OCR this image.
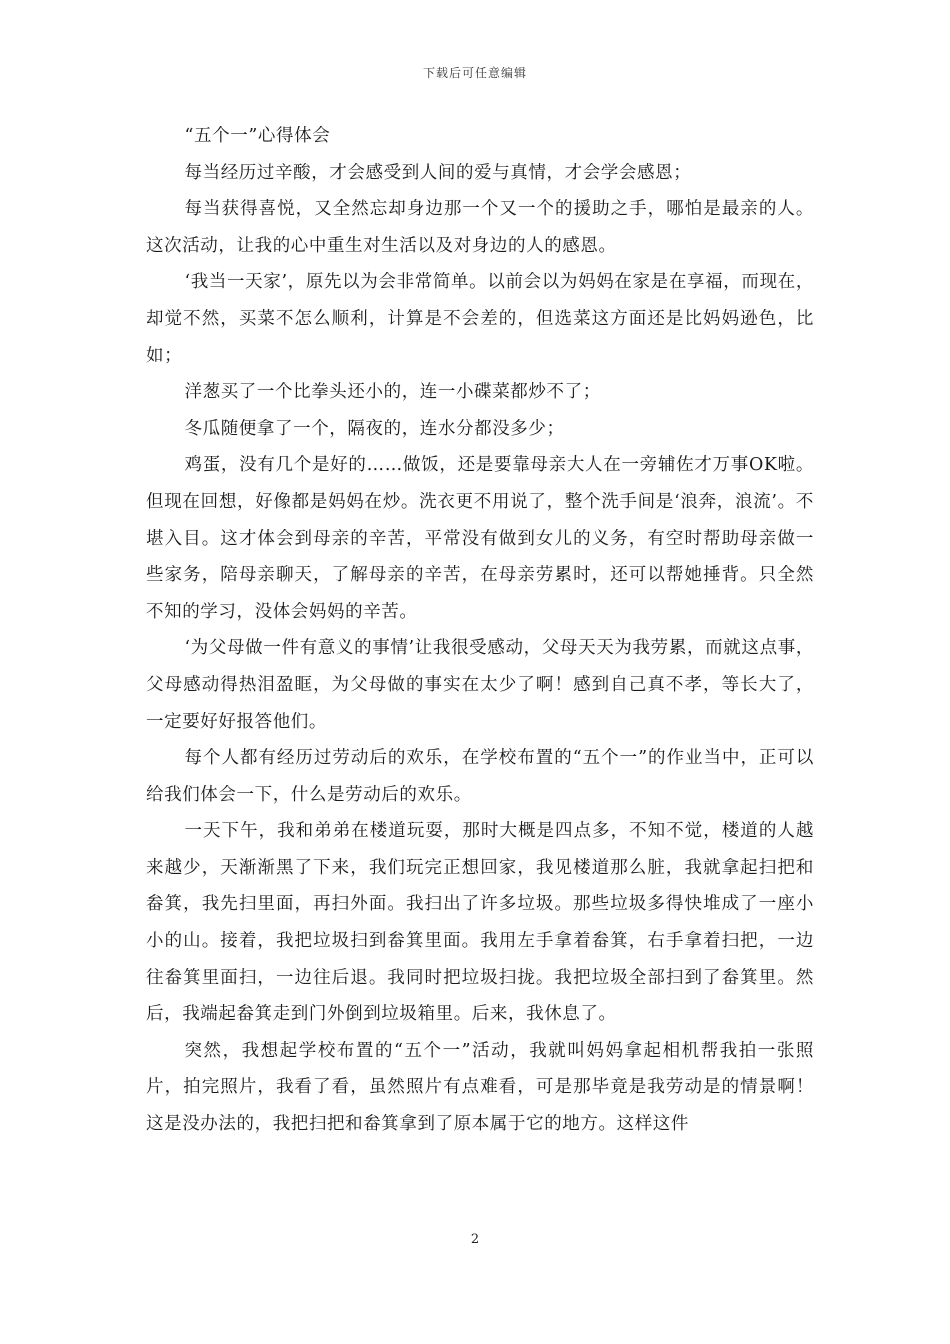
下载后可任意编辑

“五个一”心得体会

每当经历过辛酸，才会感受到人间的爱与真情，才会学会感恩；

每当获得喜悦，又全然忘却身边那一个又一个的援助之手，哪怕是最亲的人。这次活动，让我的心中重生对生活以及对身边的人的感恩。

‘我当一天家’，原先以为会非常简单。以前会以为妈妈在家是在享福，而现在，却觉不然，买菜不怎么顺利，计算是不会差的，但选菜这方面还是比妈妈逊色，比如；

洋葱买了一个比拳头还小的，连一小碟菜都炒不了；

冬瓜随便拿了一个，隔夜的，连水分都没多少；

鸡蛋，没有几个是好的……做饭，还是要靠母亲大人在一旁辅佐才万事OK啦。但现在回想，好像都是妈妈在炒。洗衣更不用说了，整个洗手间是‘浪奔，浪流’。不堪入目。这才体会到母亲的辛苦，平常没有做到女儿的义务，有空时帮助母亲做一些家务，陪母亲聊天，了解母亲的辛苦，在母亲劳累时，还可以帮她捶背。只全然不知的学习，没体会妈妈的辛苦。

‘为父母做一件有意义的事情’让我很受感动，父母天天为我劳累，而就这点事，父母感动得热泪盈眶，为父母做的事实在太少了啊！感到自己真不孝，等长大了，一定要好好报答他们。

每个人都有经历过劳动后的欢乐，在学校布置的“五个一”的作业当中，正可以给我们体会一下，什么是劳动后的欢乐。

一天下午，我和弟弟在楼道玩耍，那时大概是四点多，不知不觉，楼道的人越来越少，天渐渐黑了下来，我们玩完正想回家，我见楼道那么脏，我就拿起扫把和畚箕，我先扫里面，再扫外面。我扫出了许多垃圾。那些垃圾多得快堆成了一座小小的山。接着，我把垃圾扫到畚箕里面。我用左手拿着畚箕，右手拿着扫把，一边往畚箕里面扫，一边往后退。我同时把垃圾扫拢。我把垃圾全部扫到了畚箕里。然后，我端起畚箕走到门外倒到垃圾箱里。后来，我休息了。

突然，我想起学校布置的“五个一”活动，我就叫妈妈拿起相机帮我拍一张照片，拍完照片，我看了看，虽然照片有点难看，可是那毕竟是我劳动是的情景啊！这是没办法的，我把扫把和畚箕拿到了原本属于它的地方。这样这件

2
